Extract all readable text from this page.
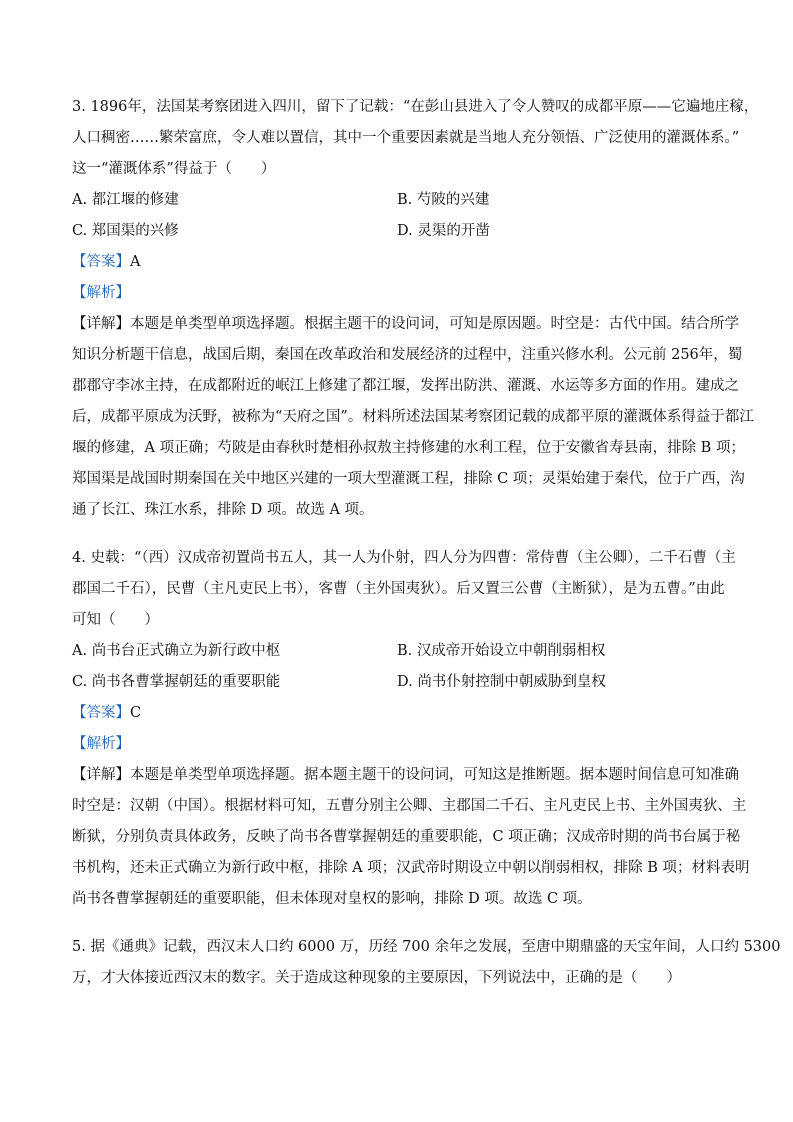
3. 1896年，法国某考察团进入四川，留下了记载：“在彭山县进入了令人赞叹的成都平原——它遍地庄稼，

人口稠密……繁荣富庶，令人难以置信，其中一个重要因素就是当地人充分领悟、广泛使用的灌溉体系。”

这一“灌溉体系”得益于（　　）

A. 都江堰的修建	B. 芍陂的兴建
C. 郑国渠的兴修	D. 灵渠的开凿

【答案】A

【解析】

【详解】本题是单类型单项选择题。根据主题干的设问词，可知是原因题。时空是：古代中国。结合所学

知识分析题干信息，战国后期，秦国在改革政治和发展经济的过程中，注重兴修水利。公元前 256年，蜀

郡郡守李冰主持，在成都附近的岷江上修建了都江堰，发挥出防洪、灌溉、水运等多方面的作用。建成之

后，成都平原成为沃野，被称为“天府之国”。材料所述法国某考察团记载的成都平原的灌溉体系得益于都江

堰的修建，A 项正确；芍陂是由春秋时楚相孙叔敖主持修建的水利工程，位于安徽省寿县南，排除 B 项；

郑国渠是战国时期秦国在关中地区兴建的一项大型灌溉工程，排除 C 项；灵渠始建于秦代，位于广西，沟

通了长江、珠江水系，排除 D 项。故选 A 项。

4. 史载：“（西）汉成帝初置尚书五人，其一人为仆射，四人分为四曹：常侍曹（主公卿），二千石曹（主

郡国二千石），民曹（主凡吏民上书），客曹（主外国夷狄）。后又置三公曹（主断狱），是为五曹。”由此

可知（　　）

A. 尚书台正式确立为新行政中枢	B. 汉成帝开始设立中朝削弱相权
C. 尚书各曹掌握朝廷的重要职能	D. 尚书仆射控制中朝威胁到皇权

【答案】C

【解析】

【详解】本题是单类型单项选择题。据本题主题干的设问词，可知这是推断题。据本题时间信息可知准确

时空是：汉朝（中国）。根据材料可知，五曹分别主公卿、主郡国二千石、主凡吏民上书、主外国夷狄、主

断狱，分别负责具体政务，反映了尚书各曹掌握朝廷的重要职能，C 项正确；汉成帝时期的尚书台属于秘

书机构，还未正式确立为新行政中枢，排除 A 项；汉武帝时期设立中朝以削弱相权，排除 B 项；材料表明

尚书各曹掌握朝廷的重要职能，但未体现对皇权的影响，排除 D 项。故选 C 项。

5. 据《通典》记载，西汉末人口约 6000 万，历经 700 余年之发展，至唐中期鼎盛的天宝年间，人口约 5300

万，才大体接近西汉末的数字。关于造成这种现象的主要原因，下列说法中，正确的是（　　）
